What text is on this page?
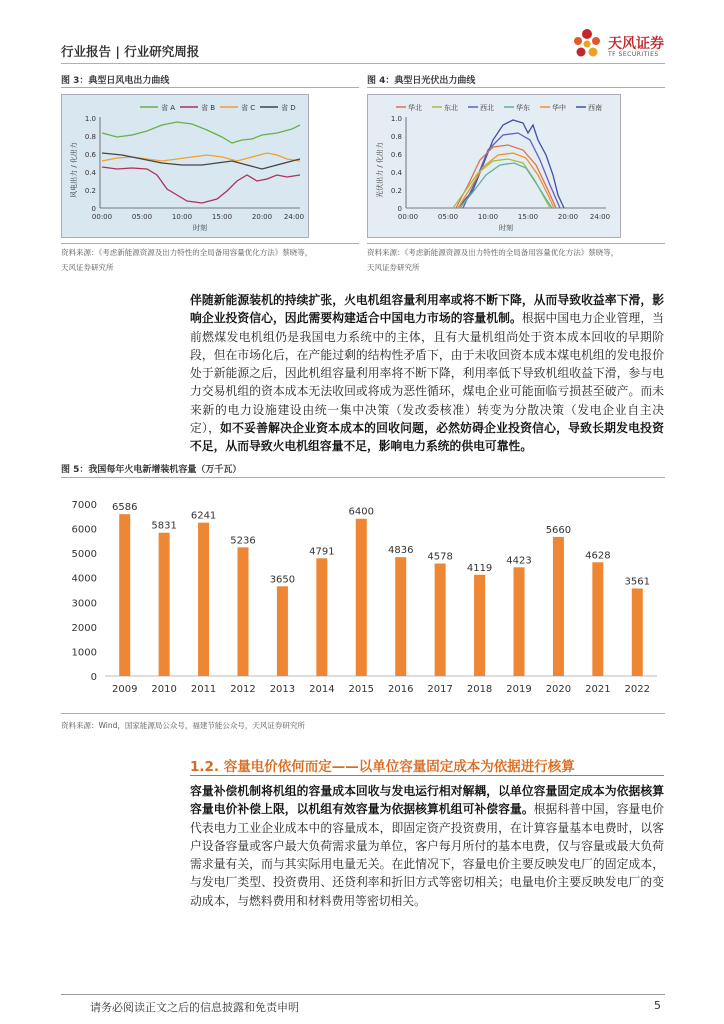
行业报告 | 行业研究周报	天风证券
TF SECURITIES
图 3：典型日风电出力曲线
省 A	省 B	省 C	省 D
风电出力 / 化出力
1.0
0.8
0.6
0.4
0.2
0
00:00	05:00	10:00	15:00	20:00 24:00
时刻
资料来源：《考虑新能源资源及出力特性的全局备用容量优化方法》蔡晓等，
天风证券研究所
图 4：典型日光伏出力曲线
华北	东北	西北	华东	华中	西南
光伏出力 / 化出力
1.0
0.8
0.6
0.4
0.2
0
00:00	05:00	10:00	15:00	20:00 24:00
时刻
资料来源：《考虑新能源资源及出力特性的全局备用容量优化方法》蔡晓等，
天风证券研究所
伴随新能源装机的持续扩张，火电机组容量利用率或将不断下降，从而导致收益率下滑，影响企业投资信心，因此需要构建适合中国电力市场的容量机制。根据中国电力企业管理，当前燃煤发电机组仍是我国电力系统中的主体，且有大量机组尚处于资本成本回收的早期阶段，但在市场化后，在产能过剩的结构性矛盾下，由于未收回资本成本煤电机组的发电报价处于新能源之后，因此机组容量利用率将不断下降，利用率低下导致机组收益下滑，参与电力交易机组的资本成本无法收回或将成为恶性循环，煤电企业可能面临亏损甚至破产。而未来新的电力设施建设由统一集中决策（发改委核准）转变为分散决策（发电企业自主决定），如不妥善解决企业资本成本的回收问题，必然妨碍企业投资信心，导致长期发电投资不足，从而导致火电机组容量不足，影响电力系统的供电可靠性。
图 5：我国每年火电新增装机容量（万千瓦）
0
1000
2000
3000
4000
5000
6000
7000 6586
2009
5831
2010
6241
2011
5236
2012
3650
2013
4791
2014
6400
2015
4836
2016
4578
2017
4119
2018
4423
2019
5660
2020
4628
2021
3561
2022
资料来源：Wind，国家能源局公众号，福建节能公众号，天风证券研究所
1.2. 容量电价依何而定——以单位容量固定成本为依据进行核算
容量补偿机制将机组的容量成本回收与发电运行相对解耦，以单位容量固定成本为依据核算容量电价补偿上限，以机组有效容量为依据核算机组可补偿容量。根据科普中国，容量电价代表电力工业企业成本中的容量成本，即固定资产投资费用，在计算容量基本电费时，以客户设备容量或客户最大负荷需求量为单位，客户每月所付的基本电费，仅与容量或最大负荷需求量有关，而与其实际用电量无关。在此情况下，容量电价主要反映发电厂的固定成本，与发电厂类型、投资费用、还贷利率和折旧方式等密切相关；电量电价主要反映发电厂的变动成本，与燃料费用和材料费用等密切相关。
请务必阅读正文之后的信息披露和免责申明	5
